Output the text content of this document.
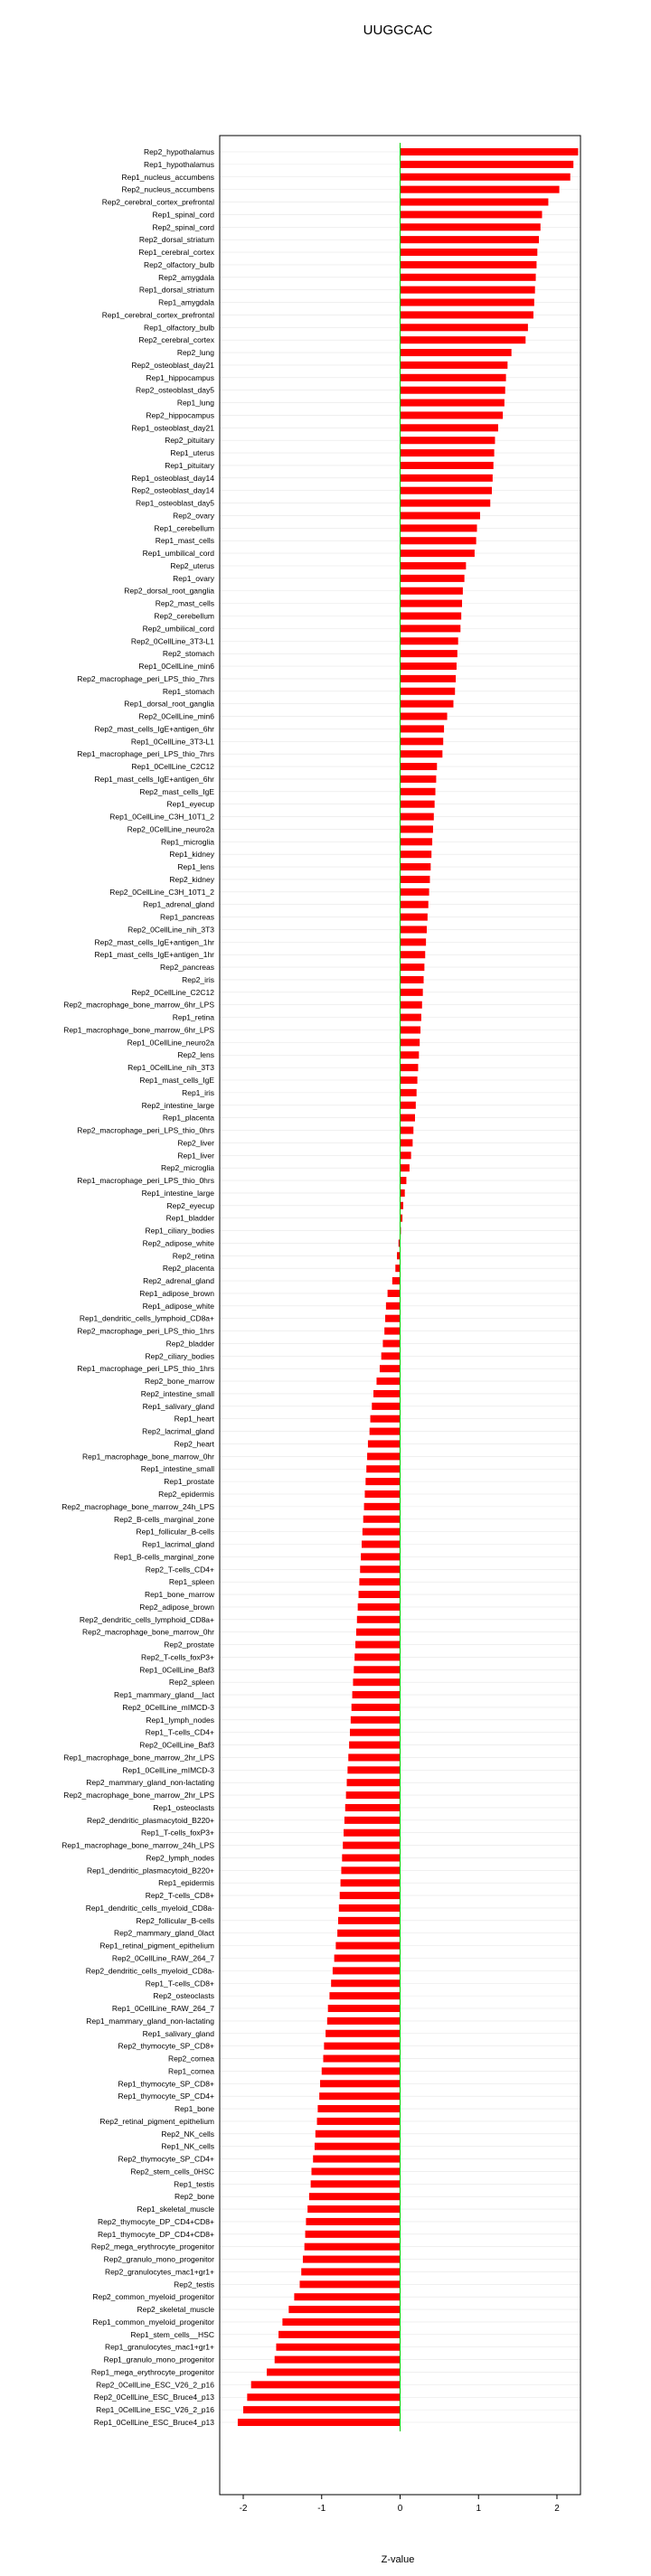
UUGGCAC
Rep2_hypothalamus
Rep1_hypothalamus
Rep1_nucleus_accumbens
Rep2_nucleus_accumbens
Rep2_cerebral_cortex_prefrontal
Rep1_spinal_cord
Rep2_spinal_cord
Rep2_dorsal_striatum
Rep1_cerebral_cortex
Rep2_olfactory_bulb
Rep2_amygdala
Rep1_dorsal_striatum
Rep1_amygdala
Rep1_cerebral_cortex_prefrontal
Rep1_olfactory_bulb
Rep2_cerebral_cortex
Rep2_lung
Rep2_osteoblast_day21
Rep1_hippocampus
Rep2_osteoblast_day5
Rep1_lung
Rep2_hippocampus
Rep1_osteoblast_day21
Rep2_pituitary
Rep1_uterus
Rep1_pituitary
Rep1_osteoblast_day14
Rep2_osteoblast_day14
Rep1_osteoblast_day5
Rep2_ovary
Rep1_cerebellum
Rep1_mast_cells
Rep1_umbilical_cord
Rep2_uterus
Rep1_ovary
Rep2_dorsal_root_ganglia
Rep2_mast_cells
Rep2_cerebellum
Rep2_umbilical_cord
Rep2_0CellLine_3T3-L1
Rep2_stomach
Rep1_0CellLine_min6
Rep2_macrophage_peri_LPS_thio_7hrs
Rep1_stomach
Rep1_dorsal_root_ganglia
Rep2_0CellLine_min6
Rep2_mast_cells_IgE+antigen_6hr
Rep1_0CellLine_3T3-L1
Rep1_macrophage_peri_LPS_thio_7hrs
Rep1_0CellLine_C2C12
Rep1_mast_cells_IgE+antigen_6hr
Rep2_mast_cells_IgE
Rep1_eyecup
Rep1_0CellLine_C3H_10T1_2
Rep2_0CellLine_neuro2a
Rep1_microglia
Rep1_kidney
Rep1_lens
Rep2_kidney
Rep2_0CellLine_C3H_10T1_2
Rep1_adrenal_gland
Rep1_pancreas
Rep2_0CellLine_nih_3T3
Rep2_mast_cells_IgE+antigen_1hr
Rep1_mast_cells_IgE+antigen_1hr
Rep2_pancreas
Rep2_iris
Rep2_0CellLine_C2C12
Rep2_macrophage_bone_marrow_6hr_LPS
Rep1_retina
Rep1_macrophage_bone_marrow_6hr_LPS
Rep1_0CellLine_neuro2a
Rep2_lens
Rep1_0CellLine_nih_3T3
Rep1_mast_cells_IgE
Rep1_iris
Rep2_intestine_large
Rep1_placenta
Rep2_macrophage_peri_LPS_thio_0hrs
Rep2_liver
Rep1_liver
Rep2_microglia
Rep1_macrophage_peri_LPS_thio_0hrs
Rep1_intestine_large
Rep2_eyecup
Rep1_bladder
Rep1_ciliary_bodies
Rep2_adipose_white
Rep2_retina
Rep2_placenta
Rep2_adrenal_gland
Rep1_adipose_brown
Rep1_adipose_white
Rep1_dendritic_cells_lymphoid_CD8a+
Rep2_macrophage_peri_LPS_thio_1hrs
Rep2_bladder
Rep2_ciliary_bodies
Rep1_macrophage_peri_LPS_thio_1hrs
Rep2_bone_marrow
Rep2_intestine_small
Rep1_salivary_gland
Rep1_heart
Rep2_lacrimal_gland
Rep2_heart
Rep1_macrophage_bone_marrow_0hr
Rep1_intestine_small
Rep1_prostate
Rep2_epidermis
Rep2_macrophage_bone_marrow_24h_LPS
Rep2_B-cells_marginal_zone
Rep1_follicular_B-cells
Rep1_lacrimal_gland
Rep1_B-cells_marginal_zone
Rep2_T-cells_CD4+
Rep1_spleen
Rep1_bone_marrow
Rep2_adipose_brown
Rep2_dendritic_cells_lymphoid_CD8a+
Rep2_macrophage_bone_marrow_0hr
Rep2_prostate
Rep2_T-cells_foxP3+
Rep1_0CellLine_Baf3
Rep2_spleen
Rep1_mammary_gland__lact
Rep2_0CellLine_mIMCD-3
Rep1_lymph_nodes
Rep1_T-cells_CD4+
Rep2_0CellLine_Baf3
Rep1_macrophage_bone_marrow_2hr_LPS
Rep1_0CellLine_mIMCD-3
Rep2_mammary_gland_non-lactating
Rep2_macrophage_bone_marrow_2hr_LPS
Rep1_osteoclasts
Rep2_dendritic_plasmacytoid_B220+
Rep1_T-cells_foxP3+
Rep1_macrophage_bone_marrow_24h_LPS
Rep2_lymph_nodes
Rep1_dendritic_plasmacytoid_B220+
Rep1_epidermis
Rep2_T-cells_CD8+
Rep1_dendritic_cells_myeloid_CD8a-
Rep2_follicular_B-cells
Rep2_mammary_gland_0lact
Rep1_retinal_pigment_epithelium
Rep2_0CellLine_RAW_264_7
Rep2_dendritic_cells_myeloid_CD8a-
Rep1_T-cells_CD8+
Rep2_osteoclasts
Rep1_0CellLine_RAW_264_7
Rep1_mammary_gland_non-lactating
Rep1_salivary_gland
Rep2_thymocyte_SP_CD8+
Rep2_cornea
Rep1_cornea
Rep1_thymocyte_SP_CD8+
Rep1_thymocyte_SP_CD4+
Rep1_bone
Rep2_retinal_pigment_epithelium
Rep2_NK_cells
Rep1_NK_cells
Rep2_thymocyte_SP_CD4+
Rep2_stem_cells_0HSC
Rep1_testis
Rep2_bone
Rep1_skeletal_muscle
Rep2_thymocyte_DP_CD4+CD8+
Rep1_thymocyte_DP_CD4+CD8+
Rep2_mega_erythrocyte_progenitor
Rep2_granulo_mono_progenitor
Rep2_granulocytes_mac1+gr1+
Rep2_testis
Rep2_common_myeloid_progenitor
Rep2_skeletal_muscle
Rep1_common_myeloid_progenitor
Rep1_stem_cells__HSC
Rep1_granulocytes_mac1+gr1+
Rep1_granulo_mono_progenitor
Rep1_mega_erythrocyte_progenitor
Rep2_0CellLine_ESC_V26_2_p16
Rep2_0CellLine_ESC_Bruce4_p13
Rep1_0CellLine_ESC_V26_2_p16
Rep1_0CellLine_ESC_Bruce4_p13
-2	-1	0	1	2
Z-value
